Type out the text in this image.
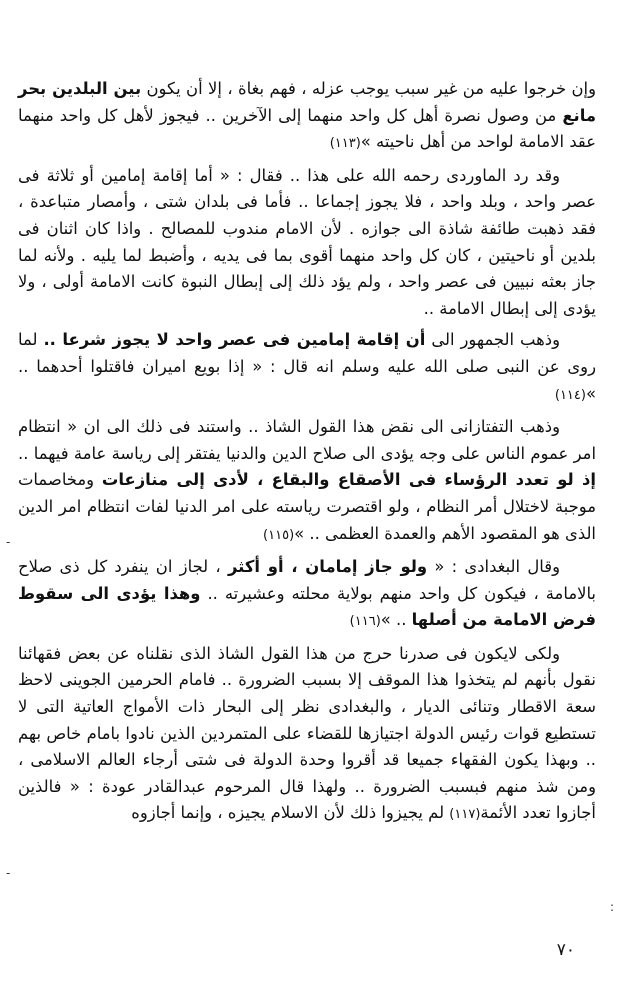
وإن خرجوا عليه من غير سبب يوجب عزله ، فهم بغاة ، إلا أن يكون بين البلدين بحر مانع من وصول نصرة أهل كل واحد منهما إلى الآخرين .. فيجوز لأهل كل واحد منهما عقد الامامة لواحد من أهل ناحيته »(١١٣)

وقد رد الماوردى رحمه الله على هذا .. فقال : « أما إقامة إمامين أو ثلاثة فى عصر واحد ، وبلد واحد ، فلا يجوز إجماعا .. فأما فى بلدان شتى ، وأمصار متباعدة ، فقد ذهبت طائفة شاذة الى جوازه . لأن الامام مندوب للمصالح . واذا كان اثنان فى بلدين أو ناحيتين ، كان كل واحد منهما أقوى بما فى يديه ، وأضبط لما يليه . ولأنه لما جاز بعثه نبيين فى عصر واحد ، ولم يؤد ذلك إلى إبطال النبوة كانت الامامة أولى ، ولا يؤدى إلى إبطال الامامة ..

وذهب الجمهور الى أن إقامة إمامين فى عصر واحد لا يجوز شرعا .. لما روى عن النبى صلى الله عليه وسلم انه قال : « إذا بويع اميران فاقتلوا أحدهما .. »(١١٤)

وذهب التفتازانى الى نقض هذا القول الشاذ .. واستند فى ذلك الى ان « انتظام امر عموم الناس على وجه يؤدى الى صلاح الدين والدنيا يفتقر إلى رياسة عامة فيهما .. إذ لو تعدد الرؤساء فى الأصقاع والبقاع ، لأدى إلى منازعات ومخاصمات موجبة لاختلال أمر النظام ، ولو اقتصرت رياسته على امر الدنيا لفات انتظام امر الدين الذى هو المقصود الأهم والعمدة العظمى .. »(١١٥)

وقال البغدادى : « ولو جاز إمامان ، أو أكثر ، لجاز ان ينفرد كل ذى صلاح بالامامة ، فيكون كل واحد منهم بولاية محلته وعشيرته .. وهذا يؤدى الى سقوط فرض الامامة من أصلها .. »(١١٦)

ولكى لايكون فى صدرنا حرج من هذا القول الشاذ الذى نقلناه عن بعض فقهائنا نقول بأنهم لم يتخذوا هذا الموقف إلا بسبب الضرورة .. فامام الحرمين الجوينى لاحظ سعة الاقطار وتنائى الديار ، والبغدادى نظر إلى البحار ذات الأمواج العاتية التى لا تستطيع قوات رئيس الدولة اجتيازها للقضاء على المتمردين الذين نادوا بامام خاص بهم .. وبهذا يكون الفقهاء جميعا قد أقروا وحدة الدولة فى شتى أرجاء العالم الاسلامى ، ومن شذ منهم فبسبب الضرورة .. ولهذا قال المرحوم عبدالقادر عودة : « فالذين أجازوا تعدد الأئمة(١١٧) لم يجيزوا ذلك لأن الاسلام يجيزه ، وإنما أجازوه

٧٠
-
-
:
